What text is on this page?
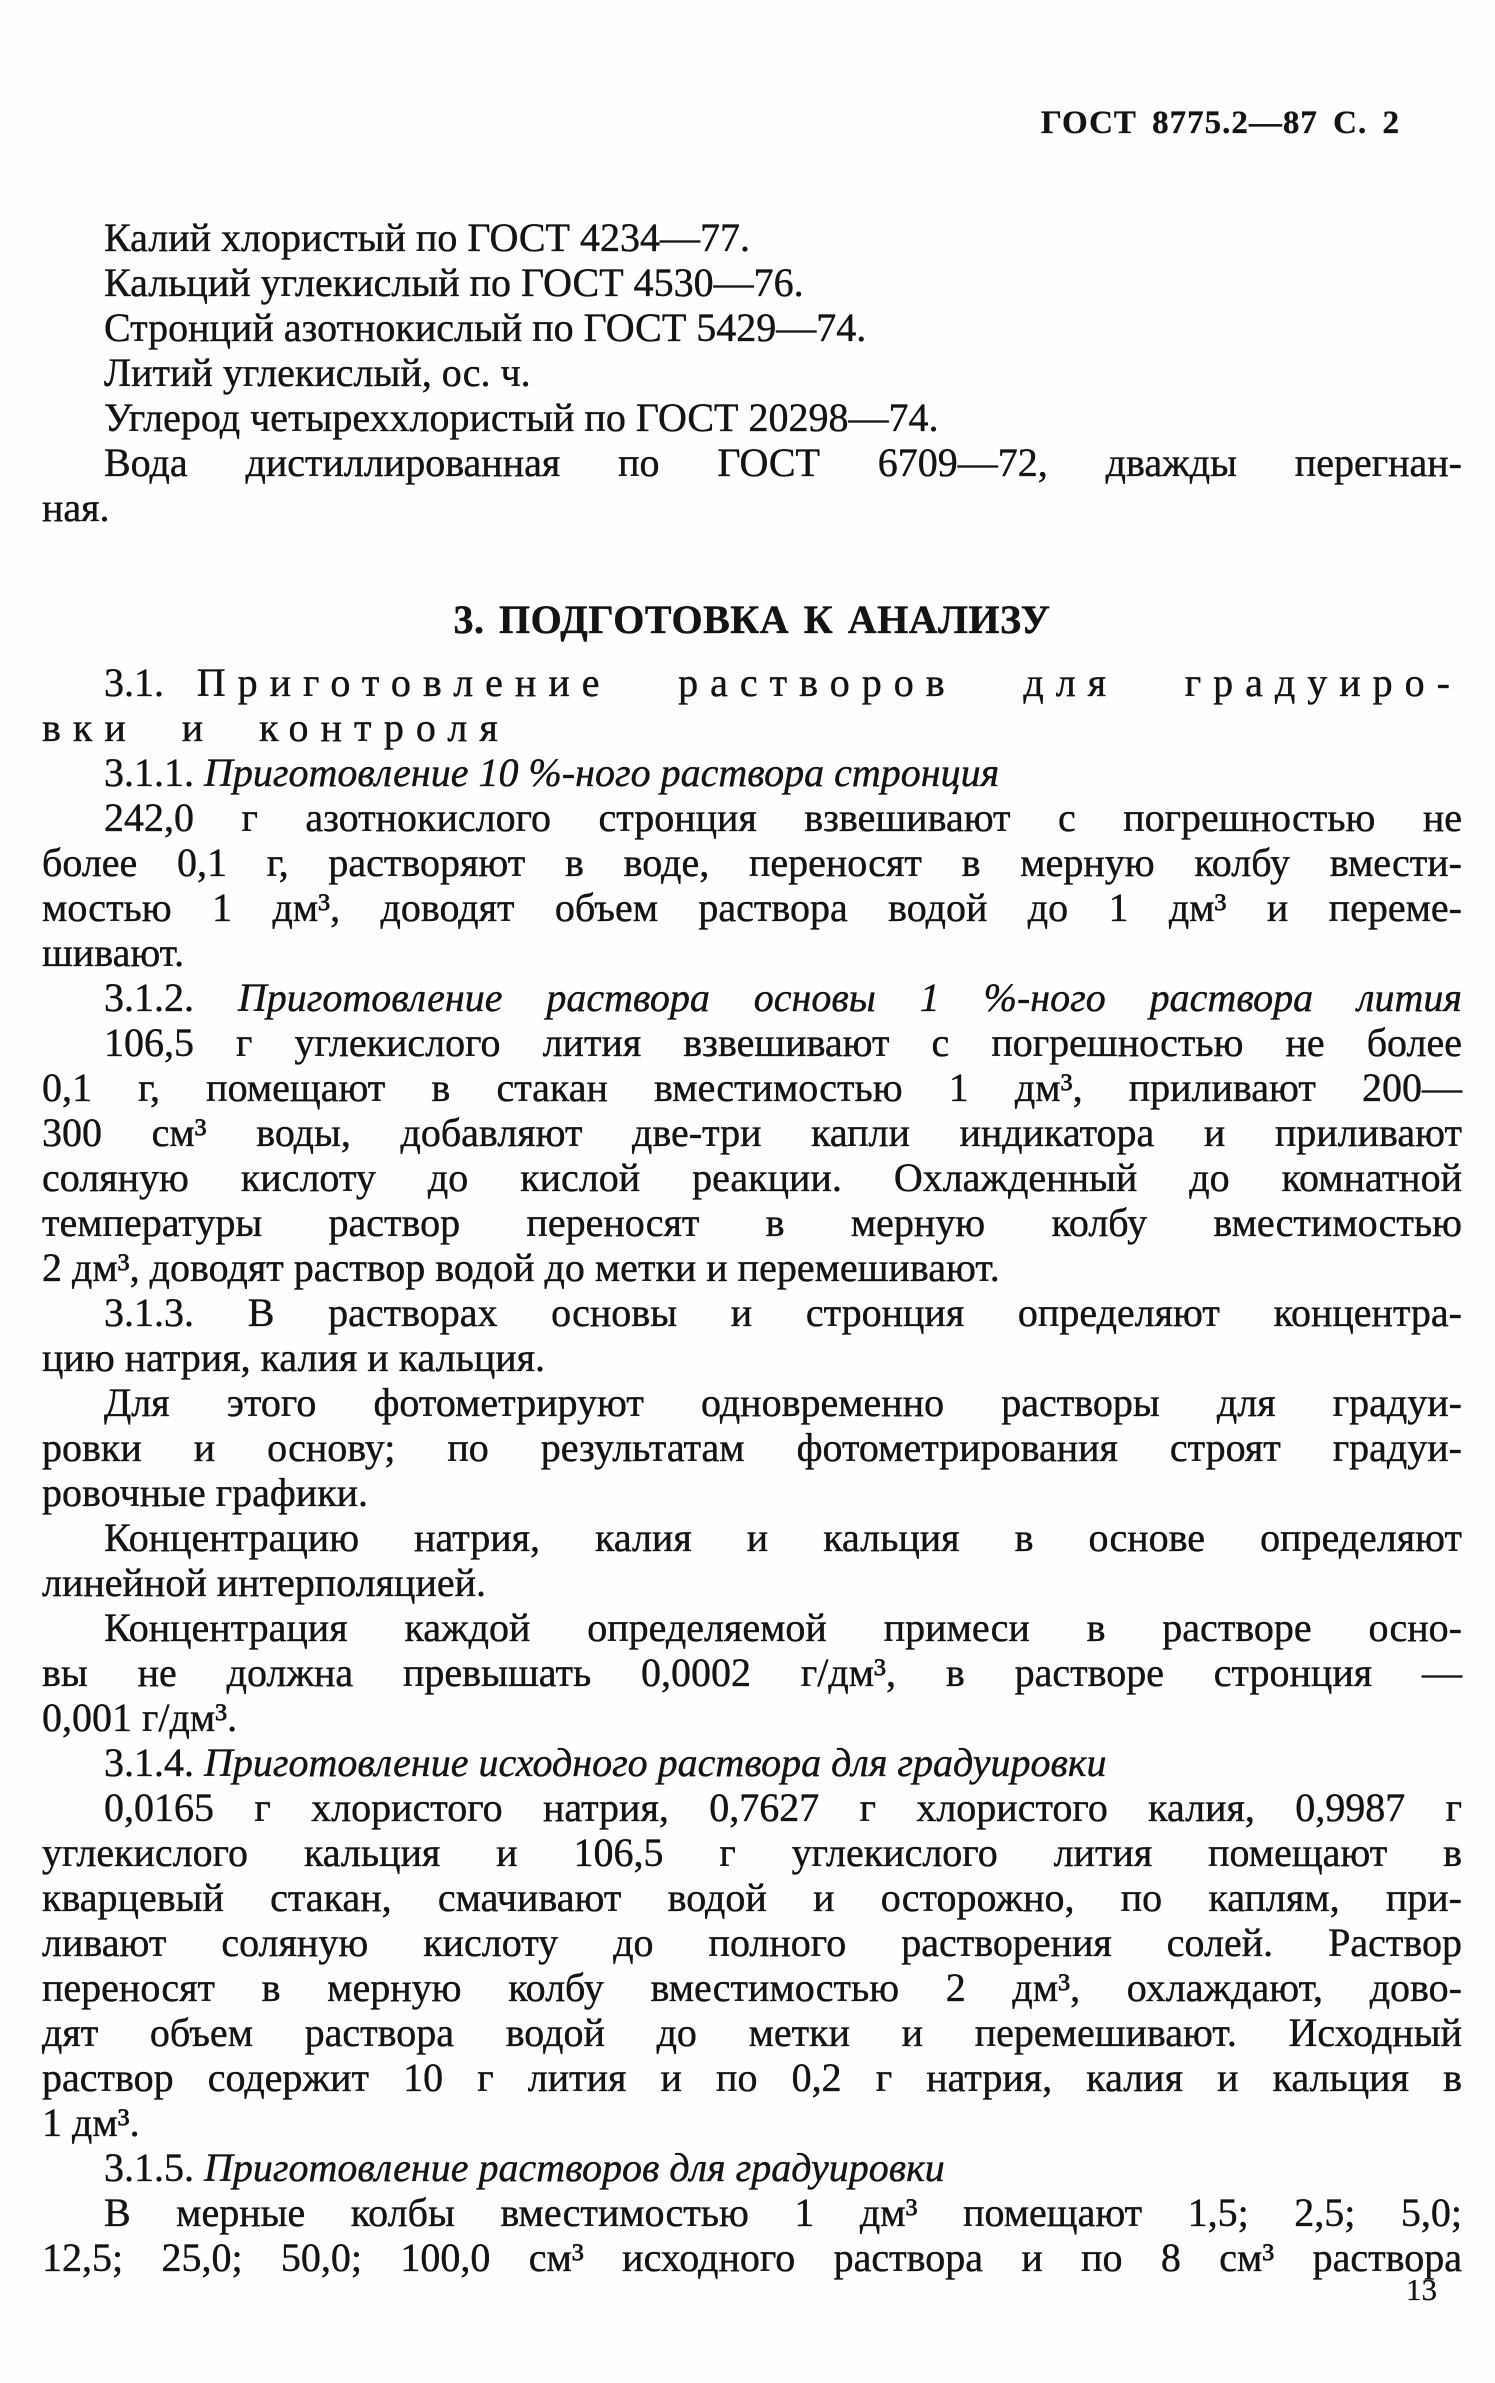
ГОСТ 8775.2—87 С. 2
Калий хлористый по ГОСТ 4234—77.
Кальций углекислый по ГОСТ 4530—76.
Стронций азотнокислый по ГОСТ 5429—74.
Литий углекислый, ос. ч.
Углерод четыреххлористый по ГОСТ 20298—74.
Вода дистиллированная по ГОСТ 6709—72, дважды перегнан-
ная.
3. ПОДГОТОВКА К АНАЛИЗУ
3.1. Приготовление растворов для градуиро-
вки и контроля
3.1.1. Приготовление 10 %-ного раствора стронция
242,0 г азотнокислого стронция взвешивают с погрешностью не
более 0,1 г, растворяют в воде, переносят в мерную колбу вмести-
мостью 1 дм³, доводят объем раствора водой до 1 дм³ и переме-
шивают.
3.1.2. Приготовление раствора основы 1 %-ного раствора лития
106,5 г углекислого лития взвешивают с погрешностью не более
0,1 г, помещают в стакан вместимостью 1 дм³, приливают 200—
300 см³ воды, добавляют две-три капли индикатора и приливают
соляную кислоту до кислой реакции. Охлажденный до комнатной
температуры раствор переносят в мерную колбу вместимостью
2 дм³, доводят раствор водой до метки и перемешивают.
3.1.3. В растворах основы и стронция определяют концентра-
цию натрия, калия и кальция.
Для этого фотометрируют одновременно растворы для градуи-
ровки и основу; по результатам фотометрирования строят градуи-
ровочные графики.
Концентрацию натрия, калия и кальция в основе определяют
линейной интерполяцией.
Концентрация каждой определяемой примеси в растворе осно-
вы не должна превышать 0,0002 г/дм³, в растворе стронция —
0,001 г/дм³.
3.1.4. Приготовление исходного раствора для градуировки
0,0165 г хлористого натрия, 0,7627 г хлористого калия, 0,9987 г
углекислого кальция и 106,5 г углекислого лития помещают в
кварцевый стакан, смачивают водой и осторожно, по каплям, при-
ливают соляную кислоту до полного растворения солей. Раствор
переносят в мерную колбу вместимостью 2 дм³, охлаждают, дово-
дят объем раствора водой до метки и перемешивают. Исходный
раствор содержит 10 г лития и по 0,2 г натрия, калия и кальция в
1 дм³.
3.1.5. Приготовление растворов для градуировки
В мерные колбы вместимостью 1 дм³ помещают 1,5; 2,5; 5,0;
12,5; 25,0; 50,0; 100,0 см³ исходного раствора и по 8 см³ раствора
13
